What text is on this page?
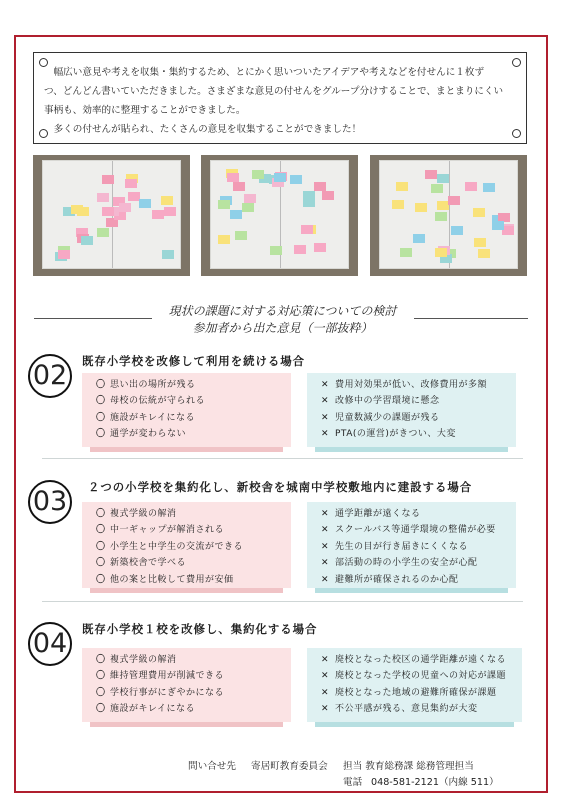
　幅広い意見や考えを収集・集約するため、とにかく思いついたアイデアや考えなどを付せんに１枚ず

つ、どんどん書いていただきました。さまざまな意見の付せんをグループ分けすることで、まとまりにくい

事柄も、効率的に整理することができました。

　多くの付せんが貼られ、たくさんの意見を収集することができました！

現状の課題に対する対応策についての検討
参加者から出た意見（一部抜粋）
02	既存小学校を改修して利用を続ける場合
〇 思い出の場所が残る
〇 母校の伝統が守られる
〇 施設がキレイになる
〇 通学が変わらない
✕ 費用対効果が低い、改修費用が多額
✕ 改修中の学習環境に懸念
✕ 児童数減少の課題が残る
✕ PTA(の運営)がきつい、大変
03	２つの小学校を集約化し、新校舎を城南中学校敷地内に建設する場合
〇 複式学級の解消
〇 中一ギャップが解消される
〇 小学生と中学生の交流ができる
〇 新築校舎で学べる
〇 他の案と比較して費用が安価
✕ 通学距離が遠くなる
✕ スクールバス等通学環境の整備が必要
✕ 先生の目が行き届きにくくなる
✕ 部活動の時の小学生の安全が心配
✕ 避難所が確保されるのか心配
04	既存小学校１校を改修し、集約化する場合
〇 複式学級の解消
〇 維持管理費用が削減できる
〇 学校行事がにぎやかになる
〇 施設がキレイになる
✕ 廃校となった校区の通学距離が遠くなる
✕ 廃校となった学校の児童への対応が課題
✕ 廃校となった地域の避難所確保が課題
✕ 不公平感が残る、意見集約が大変
問い合せ先 寄居町教育委員会 担当 教育総務課 総務管理担当
電話 048-581-2121（内線 511）
